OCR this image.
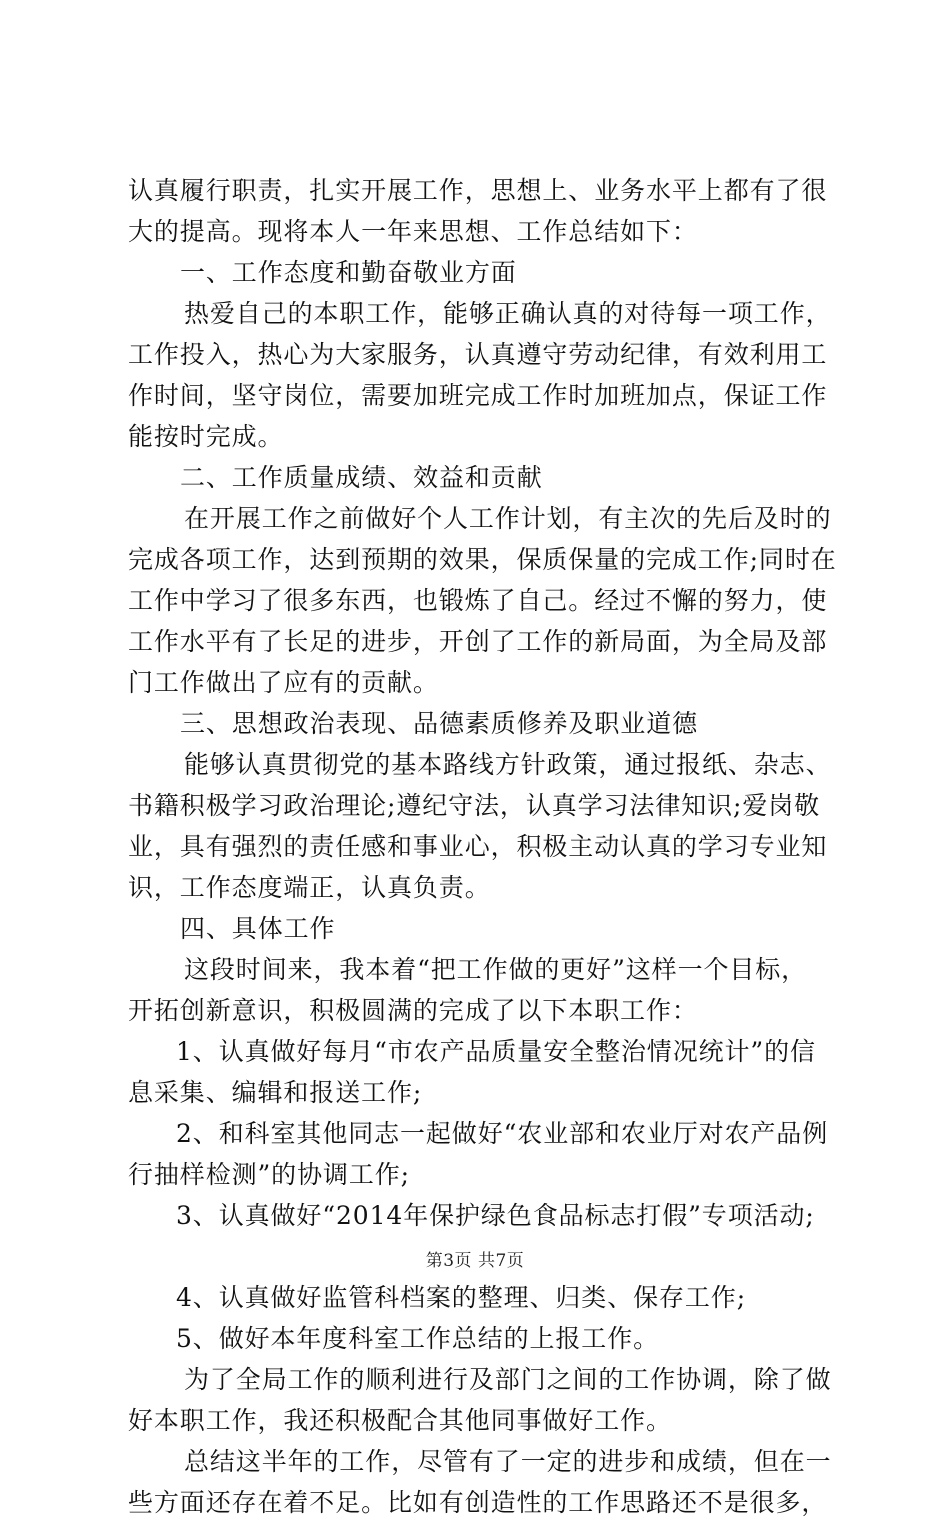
认真履行职责，扎实开展工作，思想上、业务水平上都有了很
大的提高。现将本人一年来思想、工作总结如下：
一、工作态度和勤奋敬业方面
热爱自己的本职工作，能够正确认真的对待每一项工作，
工作投入，热心为大家服务，认真遵守劳动纪律，有效利用工
作时间，坚守岗位，需要加班完成工作时加班加点，保证工作
能按时完成。
二、工作质量成绩、效益和贡献
在开展工作之前做好个人工作计划，有主次的先后及时的
完成各项工作，达到预期的效果，保质保量的完成工作;同时在
工作中学习了很多东西，也锻炼了自己。经过不懈的努力，使
工作水平有了长足的进步，开创了工作的新局面，为全局及部
门工作做出了应有的贡献。
三、思想政治表现、品德素质修养及职业道德
能够认真贯彻党的基本路线方针政策，通过报纸、杂志、
书籍积极学习政治理论;遵纪守法，认真学习法律知识;爱岗敬
业，具有强烈的责任感和事业心，积极主动认真的学习专业知
识，工作态度端正，认真负责。
四、具体工作
这段时间来，我本着“把工作做的更好”这样一个目标，
开拓创新意识，积极圆满的完成了以下本职工作：
1、认真做好每月“市农产品质量安全整治情况统计”的信
息采集、编辑和报送工作;
2、和科室其他同志一起做好“农业部和农业厅对农产品例
行抽样检测”的协调工作;
3、认真做好“2014年保护绿色食品标志打假”专项活动;
4、认真做好监管科档案的整理、归类、保存工作;
5、做好本年度科室工作总结的上报工作。
为了全局工作的顺利进行及部门之间的工作协调，除了做
好本职工作，我还积极配合其他同事做好工作。
总结这半年的工作，尽管有了一定的进步和成绩，但在一
些方面还存在着不足。比如有创造性的工作思路还不是很多，
第3页 共7页
